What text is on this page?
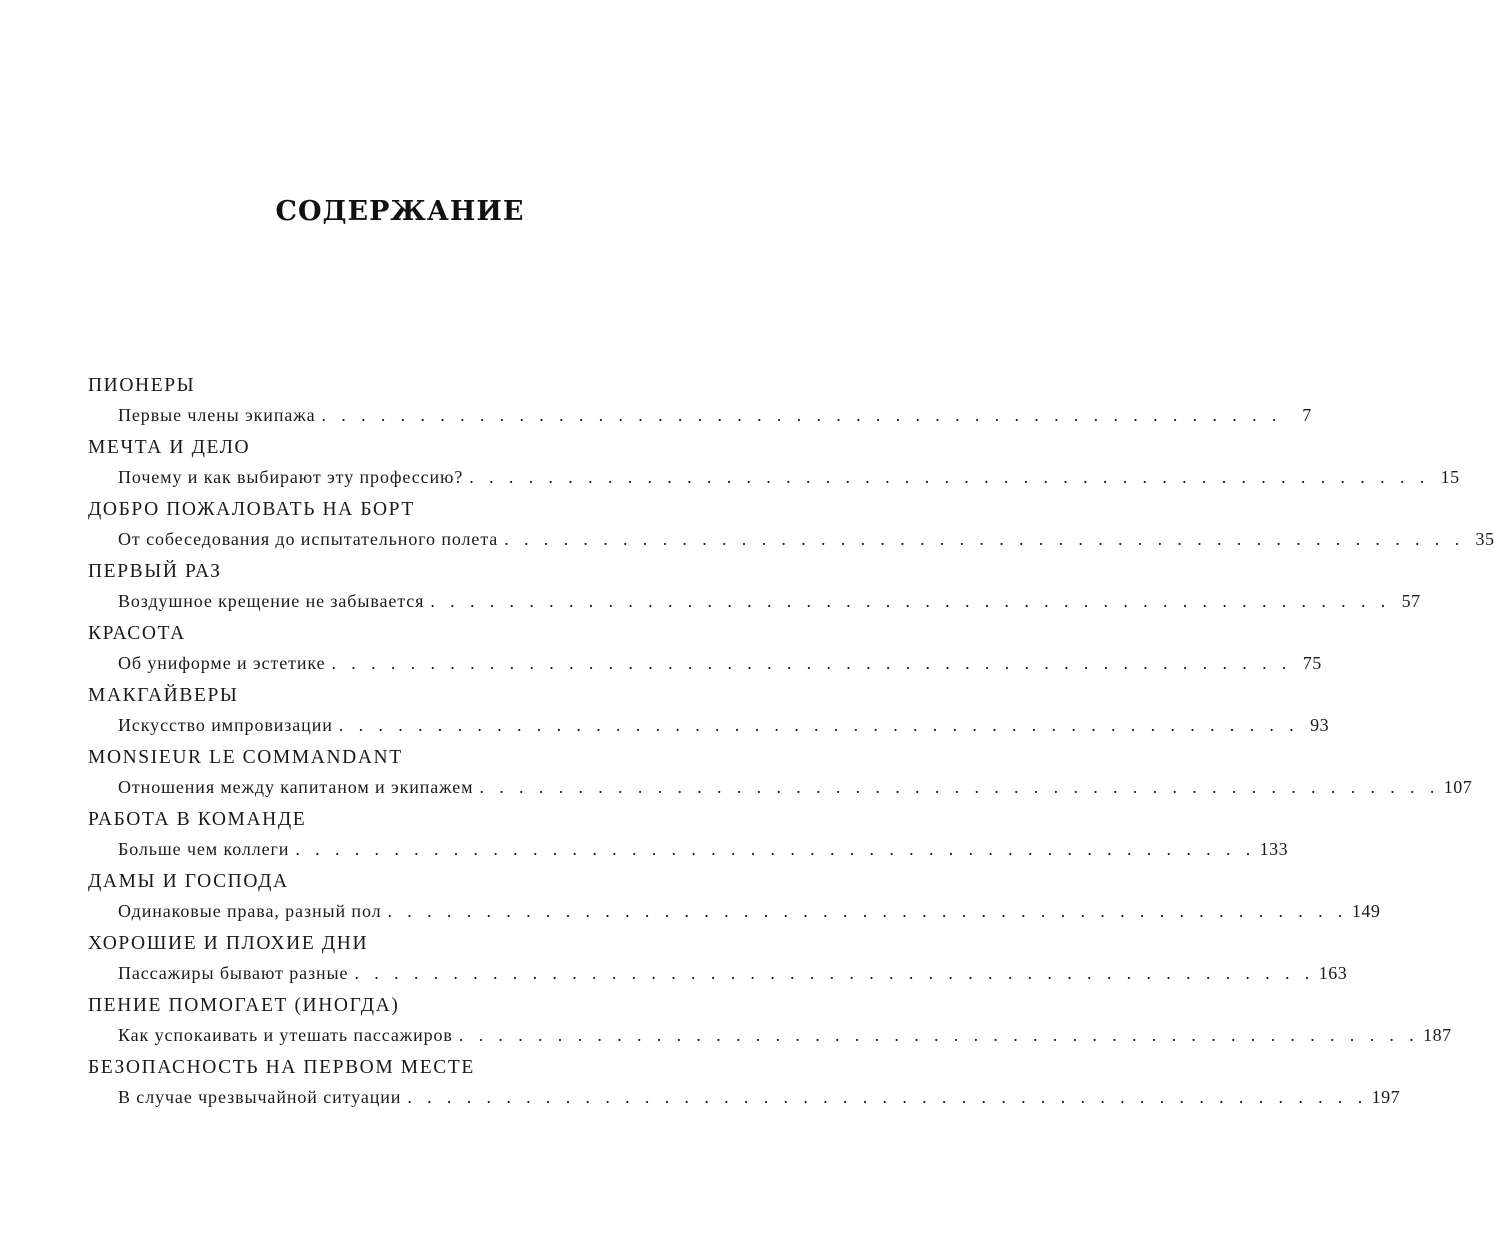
СОДЕРЖАНИЕ
ПИОНЕРЫ
Первые члены экипажа . . . . . . . . . . . . . . . . . . . . . . . . . . . . . . . . . . . . . . . . . . . . . . . . .	7
МЕЧТА И ДЕЛО
Почему и как выбирают эту профессию? . . . . . . . . . . . . . . . . . . . . . . . . . . . . . . . . . . . . . . . . . . . . . . . . . 15
ДОБРО ПОЖАЛОВАТЬ НА БОРТ
От собеседования до испытательного полета . . . . . . . . . . . . . . . . . . . . . . . . . . . . . . . . . . . . . . . . . . . . . . . . . 35
ПЕРВЫЙ РАЗ
Воздушное крещение не забывается . . . . . . . . . . . . . . . . . . . . . . . . . . . . . . . . . . . . . . . . . . . . . . . . . 57
КРАСОТА
Об униформе и эстетике . . . . . . . . . . . . . . . . . . . . . . . . . . . . . . . . . . . . . . . . . . . . . . . . . 75
МАКГАЙВЕРЫ
Искусство импровизации . . . . . . . . . . . . . . . . . . . . . . . . . . . . . . . . . . . . . . . . . . . . . . . . . 93
MONSIEUR LE COMMANDANT
Отношения между капитаном и экипажем . . . . . . . . . . . . . . . . . . . . . . . . . . . . . . . . . . . . . . . . . . . . . . . . . 107
РАБОТА В КОМАНДЕ
Больше чем коллеги . . . . . . . . . . . . . . . . . . . . . . . . . . . . . . . . . . . . . . . . . . . . . . . . . 133
ДАМЫ И ГОСПОДА
Одинаковые права, разный пол . . . . . . . . . . . . . . . . . . . . . . . . . . . . . . . . . . . . . . . . . . . . . . . . . 149
ХОРОШИЕ И ПЛОХИЕ ДНИ
Пассажиры бывают разные . . . . . . . . . . . . . . . . . . . . . . . . . . . . . . . . . . . . . . . . . . . . . . . . . 163
ПЕНИЕ ПОМОГАЕТ (ИНОГДА)
Как успокаивать и утешать пассажиров . . . . . . . . . . . . . . . . . . . . . . . . . . . . . . . . . . . . . . . . . . . . . . . . . 187
БЕЗОПАСНОСТЬ НА ПЕРВОМ МЕСТЕ
В случае чрезвычайной ситуации . . . . . . . . . . . . . . . . . . . . . . . . . . . . . . . . . . . . . . . . . . . . . . . . . 197
